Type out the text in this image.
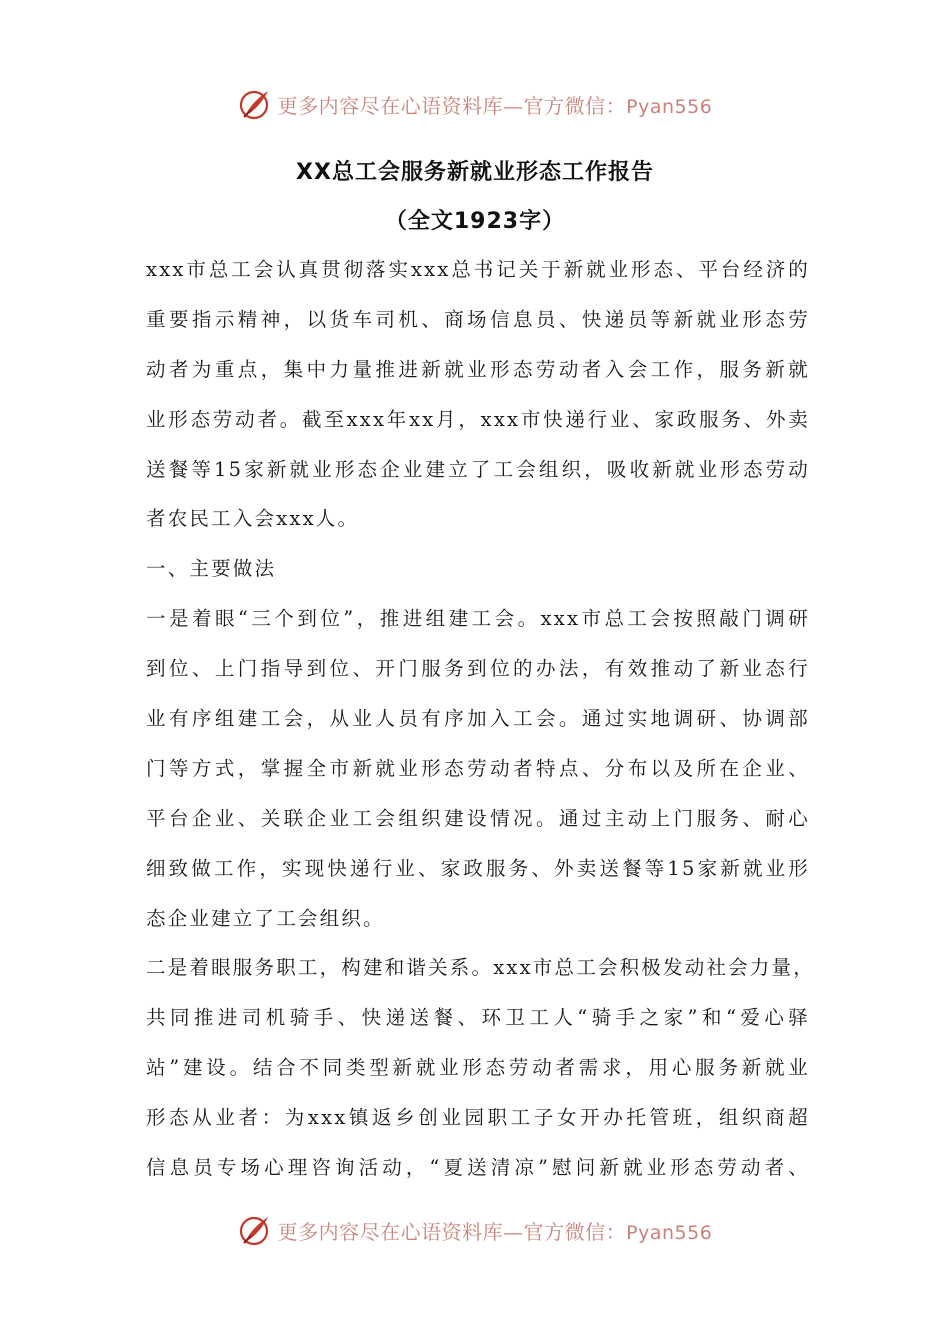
更多内容尽在心语资料库—官方微信：Pyan556
XX总工会服务新就业形态工作报告
（全文1923字）
xxx市总工会认真贯彻落实xxx总书记关于新就业形态、平台经济的
重要指示精神，以货车司机、商场信息员、快递员等新就业形态劳
动者为重点，集中力量推进新就业形态劳动者入会工作，服务新就
业形态劳动者。截至xxx年xx月，xxx市快递行业、家政服务、外卖
送餐等15家新就业形态企业建立了工会组织，吸收新就业形态劳动
者农民工入会xxx人。
一、主要做法
一是着眼“三个到位”，推进组建工会。xxx市总工会按照敲门调研
到位、上门指导到位、开门服务到位的办法，有效推动了新业态行
业有序组建工会，从业人员有序加入工会。通过实地调研、协调部
门等方式，掌握全市新就业形态劳动者特点、分布以及所在企业、
平台企业、关联企业工会组织建设情况。通过主动上门服务、耐心
细致做工作，实现快递行业、家政服务、外卖送餐等15家新就业形
态企业建立了工会组织。
二是着眼服务职工，构建和谐关系。xxx市总工会积极发动社会力量，
共同推进司机骑手、快递送餐、环卫工人“骑手之家”和“爱心驿
站”建设。结合不同类型新就业形态劳动者需求，用心服务新就业
形态从业者：为xxx镇返乡创业园职工子女开办托管班，组织商超
信息员专场心理咨询活动，“夏送清凉”慰问新就业形态劳动者、
更多内容尽在心语资料库—官方微信：Pyan556
